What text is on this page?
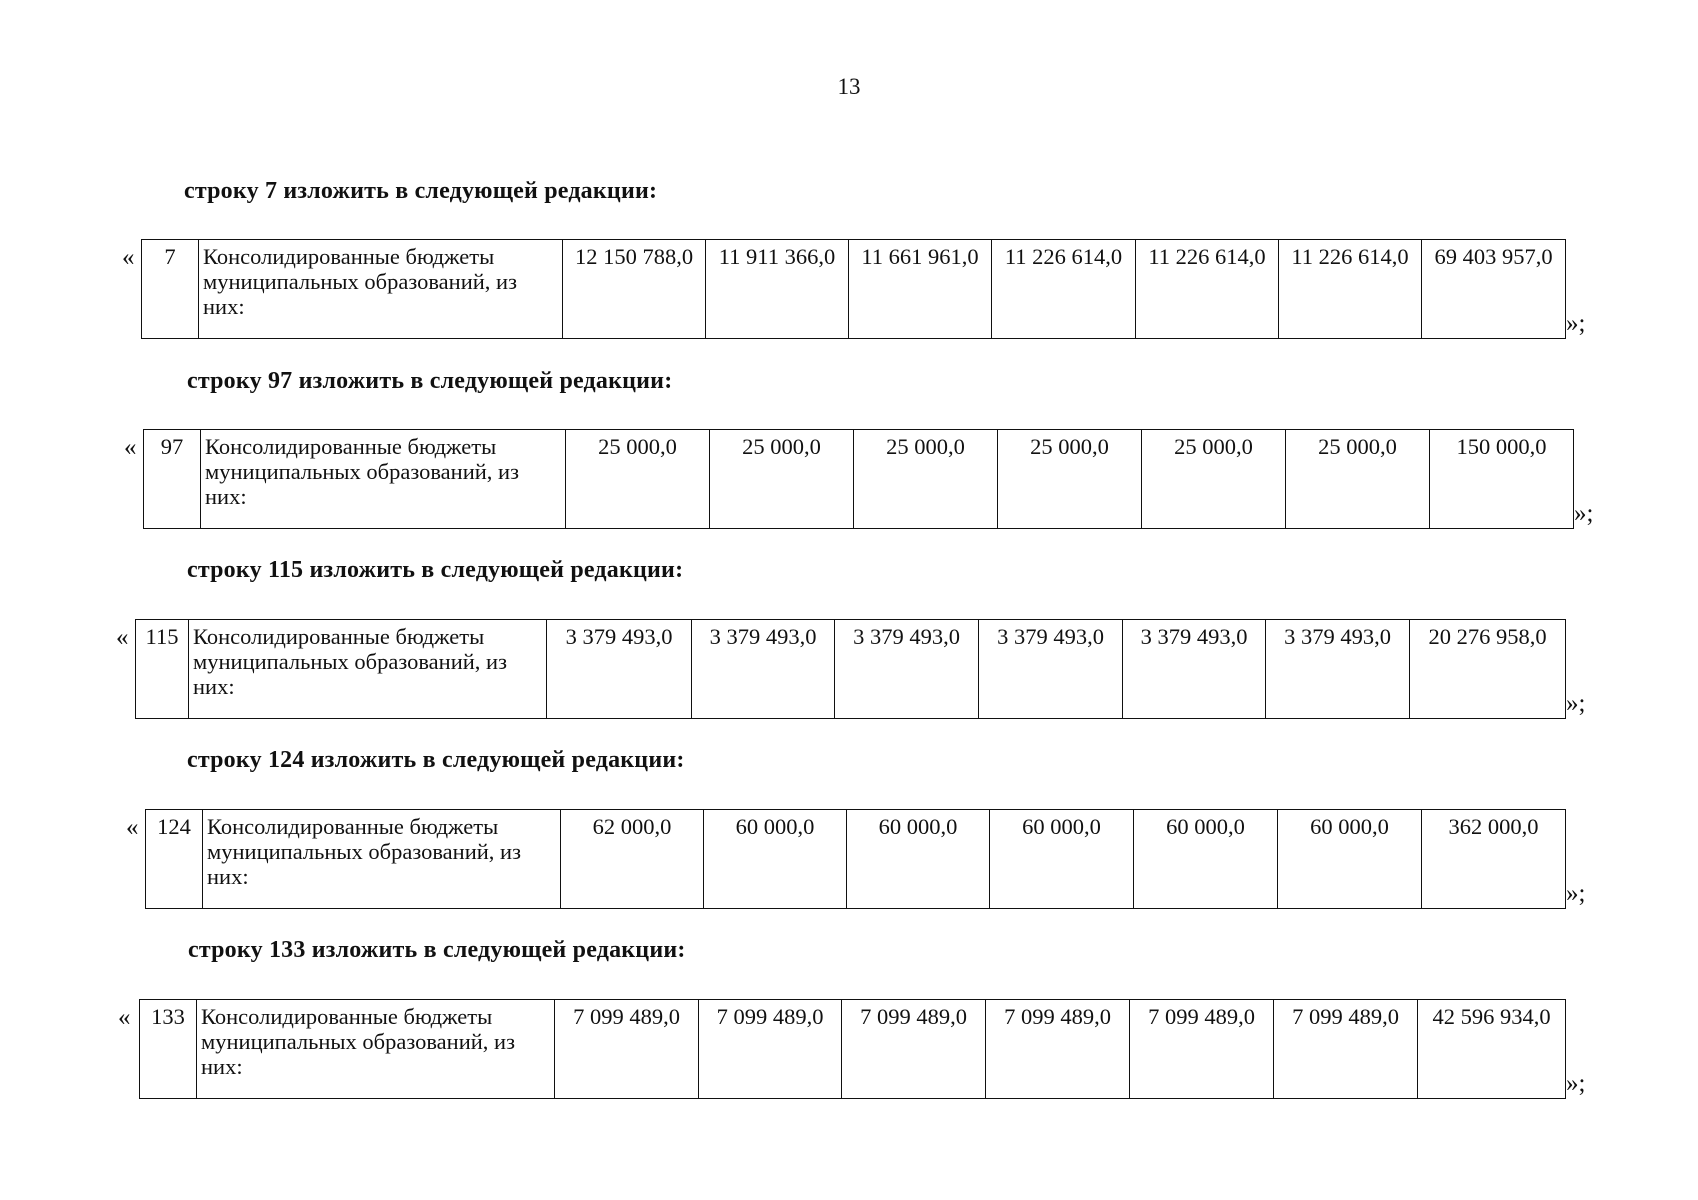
13
строку 7 изложить в следующей редакции:
« 7	Консолидированные бюджеты муниципальных образований, из них:	12 150 788,0	11 911 366,0	11 661 961,0	11 226 614,0	11 226 614,0	11 226 614,0	69 403 957,0
»;
строку 97 изложить в следующей редакции:
« 97	Консолидированные бюджеты муниципальных образований, из них:	25 000,0	25 000,0	25 000,0	25 000,0	25 000,0	25 000,0	150 000,0
»;
строку 115 изложить в следующей редакции:
« 115	Консолидированные бюджеты муниципальных образований, из них:	3 379 493,0	3 379 493,0	3 379 493,0	3 379 493,0	3 379 493,0	3 379 493,0	20 276 958,0
»;
строку 124 изложить в следующей редакции:
« 124	Консолидированные бюджеты муниципальных образований, из них:	62 000,0	60 000,0	60 000,0	60 000,0	60 000,0	60 000,0	362 000,0
»;
строку 133 изложить в следующей редакции:
« 133	Консолидированные бюджеты муниципальных образований, из них:	7 099 489,0	7 099 489,0	7 099 489,0	7 099 489,0	7 099 489,0	7 099 489,0	42 596 934,0
»;
